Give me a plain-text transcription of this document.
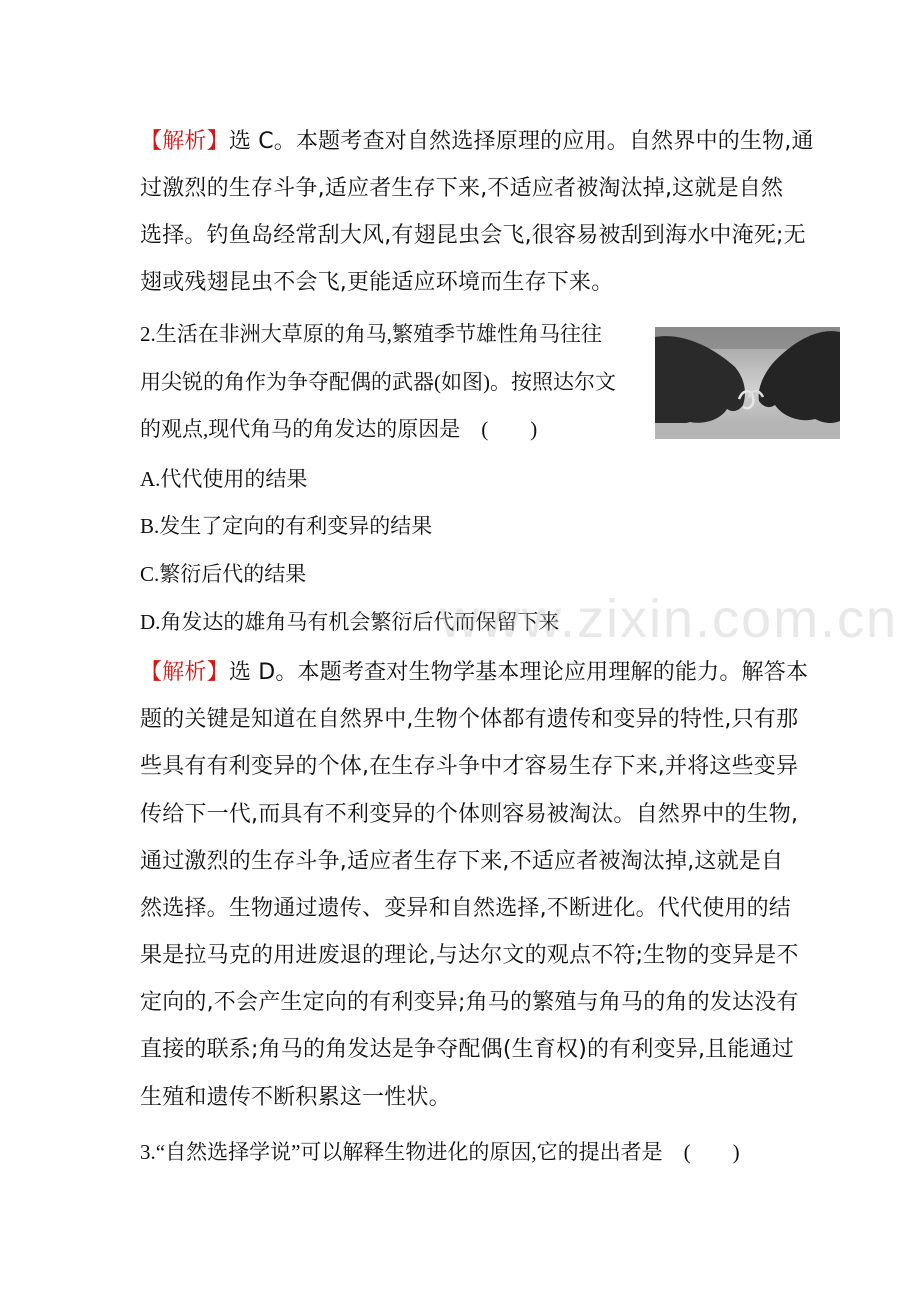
【解析】选 C。本题考查对自然选择原理的应用。自然界中的生物,通
过激烈的生存斗争,适应者生存下来,不适应者被淘汰掉,这就是自然
选择。钓鱼岛经常刮大风,有翅昆虫会飞,很容易被刮到海水中淹死;无
翅或残翅昆虫不会飞,更能适应环境而生存下来。
2.生活在非洲大草原的角马,繁殖季节雄性角马往往
用尖锐的角作为争夺配偶的武器(如图)。按照达尔文
的观点,现代角马的角发达的原因是　(　　)
A.代代使用的结果
B.发生了定向的有利变异的结果
C.繁衍后代的结果
D.角发达的雄角马有机会繁衍后代而保留下来
www.zixin.com.cn
【解析】选 D。本题考查对生物学基本理论应用理解的能力。解答本
题的关键是知道在自然界中,生物个体都有遗传和变异的特性,只有那
些具有有利变异的个体,在生存斗争中才容易生存下来,并将这些变异
传给下一代,而具有不利变异的个体则容易被淘汰。自然界中的生物,
通过激烈的生存斗争,适应者生存下来,不适应者被淘汰掉,这就是自
然选择。生物通过遗传、变异和自然选择,不断进化。代代使用的结
果是拉马克的用进废退的理论,与达尔文的观点不符;生物的变异是不
定向的,不会产生定向的有利变异;角马的繁殖与角马的角的发达没有
直接的联系;角马的角发达是争夺配偶(生育权)的有利变异,且能通过
生殖和遗传不断积累这一性状。
3.“自然选择学说”可以解释生物进化的原因,它的提出者是　(　　)
